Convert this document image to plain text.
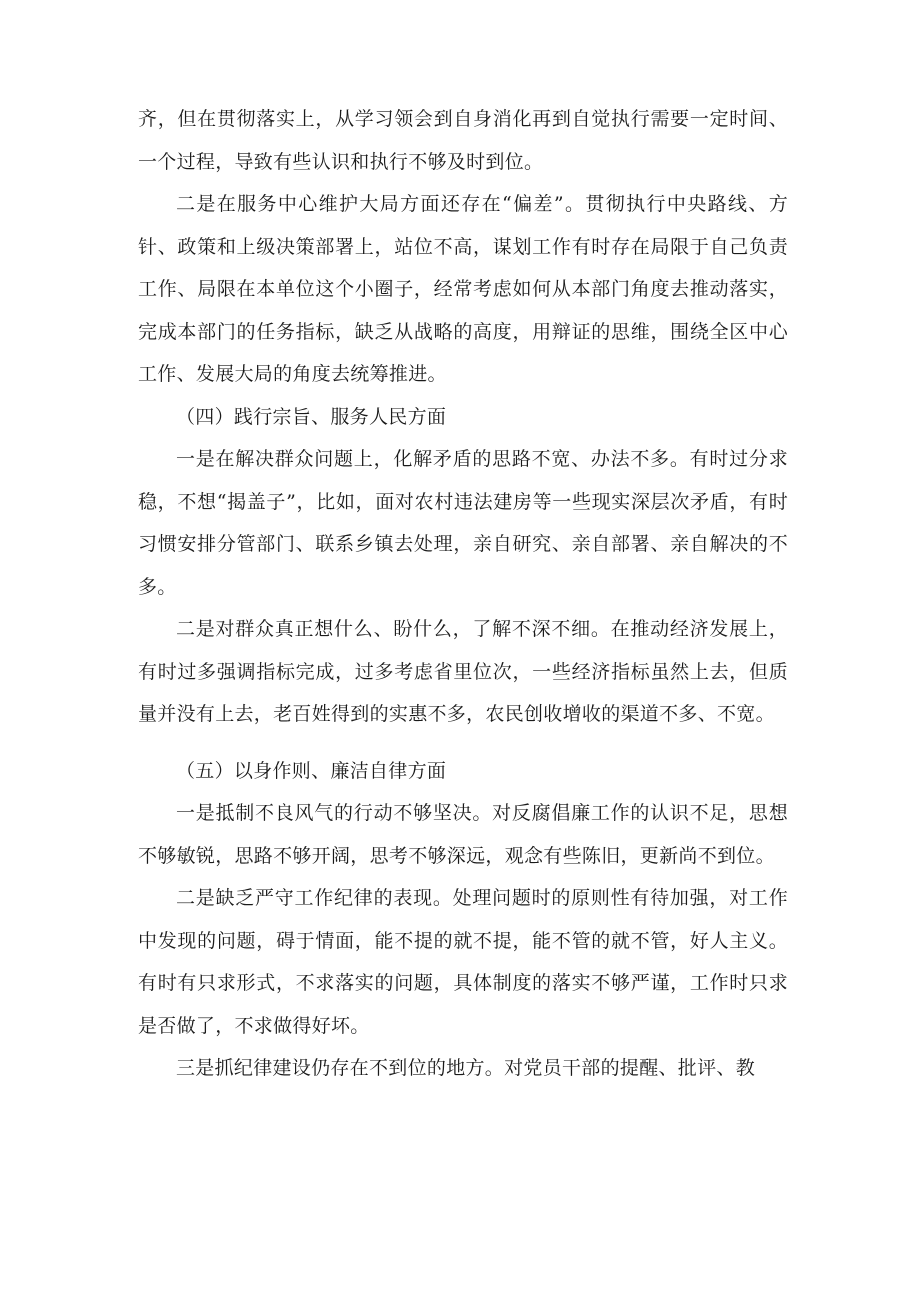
齐，但在贯彻落实上，从学习领会到自身消化再到自觉执行需要一定时间、一个过程，导致有些认识和执行不够及时到位。

二是在服务中心维护大局方面还存在“偏差”。贯彻执行中央路线、方针、政策和上级决策部署上，站位不高，谋划工作有时存在局限于自己负责工作、局限在本单位这个小圈子，经常考虑如何从本部门角度去推动落实，完成本部门的任务指标，缺乏从战略的高度，用辩证的思维，围绕全区中心工作、发展大局的角度去统筹推进。

（四）践行宗旨、服务人民方面

一是在解决群众问题上，化解矛盾的思路不宽、办法不多。有时过分求稳，不想“揭盖子”，比如，面对农村违法建房等一些现实深层次矛盾，有时习惯安排分管部门、联系乡镇去处理，亲自研究、亲自部署、亲自解决的不多。

二是对群众真正想什么、盼什么，了解不深不细。在推动经济发展上，有时过多强调指标完成，过多考虑省里位次，一些经济指标虽然上去，但质量并没有上去，老百姓得到的实惠不多，农民创收增收的渠道不多、不宽。

（五）以身作则、廉洁自律方面

一是抵制不良风气的行动不够坚决。对反腐倡廉工作的认识不足，思想不够敏锐，思路不够开阔，思考不够深远，观念有些陈旧，更新尚不到位。

二是缺乏严守工作纪律的表现。处理问题时的原则性有待加强，对工作中发现的问题，碍于情面，能不提的就不提，能不管的就不管，好人主义。有时有只求形式，不求落实的问题，具体制度的落实不够严谨，工作时只求是否做了，不求做得好坏。

三是抓纪律建设仍存在不到位的地方。对党员干部的提醒、批评、教
